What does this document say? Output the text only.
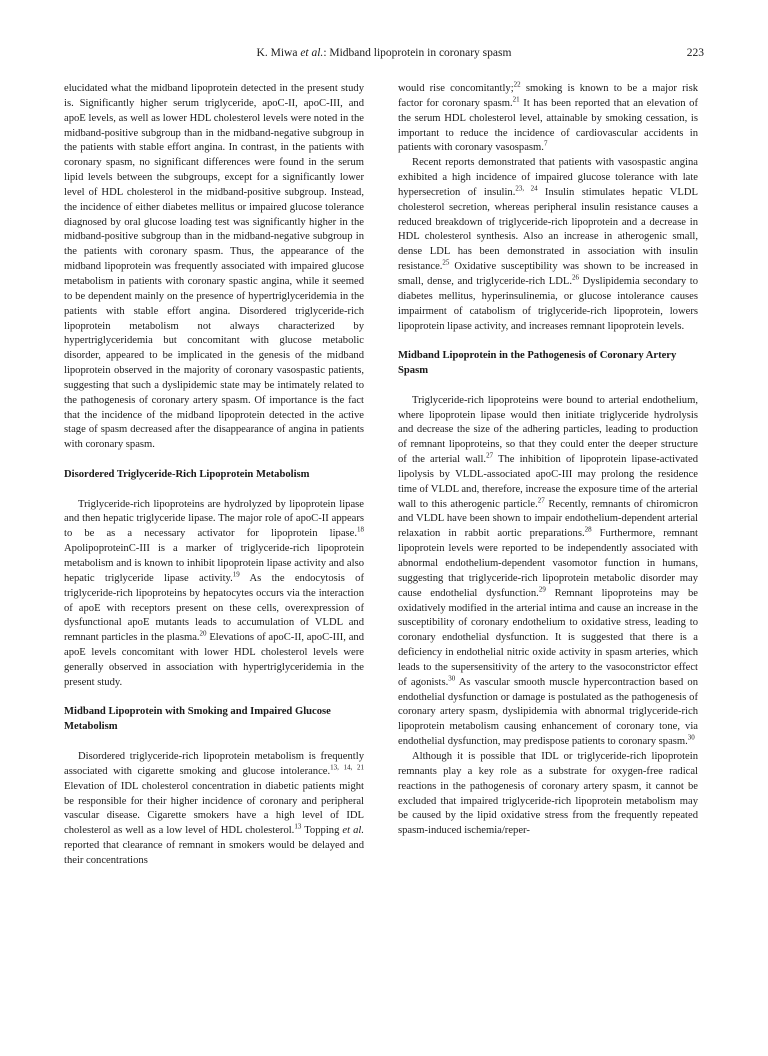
K. Miwa et al.: Midband lipoprotein in coronary spasm	223

elucidated what the midband lipoprotein detected in the present study is. Significantly higher serum triglyceride, apoC-II, apoC-III, and apoE levels, as well as lower HDL cholesterol levels were noted in the midband-positive subgroup than in the midband-negative subgroup in the patients with stable effort angina. In contrast, in the patients with coronary spasm, no significant differences were found in the serum lipid levels between the subgroups, except for a significantly lower level of HDL cholesterol in the midband-positive subgroup. Instead, the incidence of either diabetes mellitus or impaired glucose tolerance diagnosed by oral glucose loading test was significantly higher in the midband-positive subgroup than in the midband-negative subgroup in the patients with coronary spasm. Thus, the appearance of the midband lipoprotein was frequently associated with impaired glucose metabolism in patients with coronary spastic angina, while it seemed to be dependent mainly on the presence of hypertriglyceridemia in the patients with stable effort angina. Disordered triglyceride-rich lipoprotein metabolism not always characterized by hypertriglyceridemia but concomitant with glucose metabolic disorder, appeared to be implicated in the genesis of the midband lipoprotein observed in the majority of coronary vasospastic patients, suggesting that such a dyslipidemic state may be intimately related to the pathogenesis of coronary artery spasm. Of importance is the fact that the incidence of the midband lipoprotein detected in the active stage of spasm decreased after the disappearance of angina in patients with coronary spasm.

Disordered Triglyceride-Rich Lipoprotein Metabolism

Triglyceride-rich lipoproteins are hydrolyzed by lipoprotein lipase and then hepatic triglyceride lipase. The major role of apoC-II appears to be as a necessary activator for lipoprotein lipase.$^{18}$ ApolipoproteinC-III is a marker of triglyceride-rich lipoprotein metabolism and is known to inhibit lipoprotein lipase activity and also hepatic triglyceride lipase activity.$^{19}$ As the endocytosis of triglyceride-rich lipoproteins by hepatocytes occurs via the interaction of apoE with receptors present on these cells, overexpression of dysfunctional apoE mutants leads to accumulation of VLDL and remnant particles in the plasma.$^{20}$ Elevations of apoC-II, apoC-III, and apoE levels concomitant with lower HDL cholesterol levels were generally observed in association with hypertriglyceridemia in the present study.

Midband Lipoprotein with Smoking and Impaired Glucose Metabolism

Disordered triglyceride-rich lipoprotein metabolism is frequently associated with cigarette smoking and glucose intolerance.$^{13, 14, 21}$ Elevation of IDL cholesterol concentration in diabetic patients might be responsible for their higher incidence of coronary and peripheral vascular disease. Cigarette smokers have a high level of IDL cholesterol as well as a low level of HDL cholesterol.$^{13}$ Topping et al. reported that clearance of remnant in smokers would be delayed and their concentrations

would rise concomitantly;$^{22}$ smoking is known to be a major risk factor for coronary spasm.$^{21}$ It has been reported that an elevation of the serum HDL cholesterol level, attainable by smoking cessation, is important to reduce the incidence of cardiovascular accidents in patients with coronary vasospasm.$^7$

Recent reports demonstrated that patients with vasospastic angina exhibited a high incidence of impaired glucose tolerance with late hypersecretion of insulin.$^{23, 24}$ Insulin stimulates hepatic VLDL cholesterol secretion, whereas peripheral insulin resistance causes a reduced breakdown of triglyceride-rich lipoprotein and a decrease in HDL cholesterol synthesis. Also an increase in atherogenic small, dense LDL has been demonstrated in association with insulin resistance.$^{25}$ Oxidative susceptibility was shown to be increased in small, dense, and triglyceride-rich LDL.$^{26}$ Dyslipidemia secondary to diabetes mellitus, hyperinsulinemia, or glucose intolerance causes impairment of catabolism of triglyceride-rich lipoprotein, lowers lipoprotein lipase activity, and increases remnant lipoprotein levels.

Midband Lipoprotein in the Pathogenesis of Coronary Artery Spasm

Triglyceride-rich lipoproteins were bound to arterial endothelium, where lipoprotein lipase would then initiate triglyceride hydrolysis and decrease the size of the adhering particles, leading to production of remnant lipoproteins, so that they could enter the deeper structure of the arterial wall.$^{27}$ The inhibition of lipoprotein lipase-activated lipolysis by VLDL-associated apoC-III may prolong the residence time of VLDL and, therefore, increase the exposure time of the arterial wall to this atherogenic particle.$^{27}$ Recently, remnants of chiromicron and VLDL have been shown to impair endothelium-dependent arterial relaxation in rabbit aortic preparations.$^{28}$ Furthermore, remnant lipoprotein levels were reported to be independently associated with abnormal endothelium-dependent vasomotor function in humans, suggesting that triglyceride-rich lipoprotein metabolic disorder may cause endothelial dysfunction.$^{29}$ Remnant lipoproteins may be oxidatively modified in the arterial intima and cause an increase in the susceptibility of coronary endothelium to oxidative stress, leading to coronary endothelial dysfunction. It is suggested that there is a deficiency in endothelial nitric oxide activity in spasm arteries, which leads to the supersensitivity of the artery to the vasoconstrictor effect of agonists.$^{30}$ As vascular smooth muscle hypercontraction based on endothelial dysfunction or damage is postulated as the pathogenesis of coronary artery spasm, dyslipidemia with abnormal triglyceride-rich lipoprotein metabolism causing enhancement of coronary tone, via endothelial dysfunction, may predispose patients to coronary spasm.$^{30}$

Although it is possible that IDL or triglyceride-rich lipoprotein remnants play a key role as a substrate for oxygen-free radical reactions in the pathogenesis of coronary artery spasm, it cannot be excluded that impaired triglyceride-rich lipoprotein metabolism may be caused by the lipid oxidative stress from the frequently repeated spasm-induced ischemia/reper-
